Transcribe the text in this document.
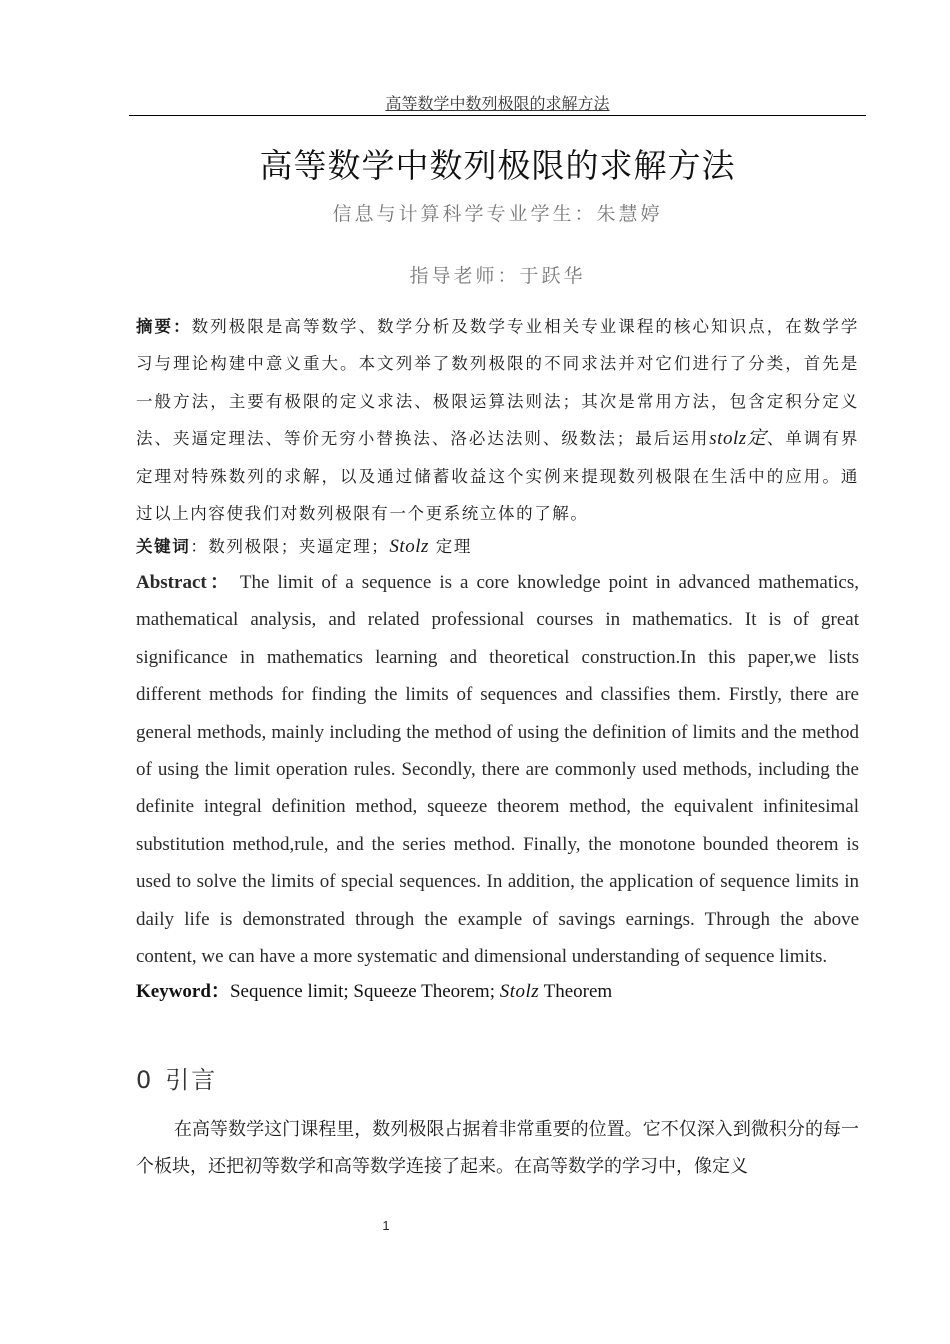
高等数学中数列极限的求解方法
高等数学中数列极限的求解方法
信息与计算科学专业学生：朱慧婷
指导老师：于跃华
摘要：数列极限是高等数学、数学分析及数学专业相关专业课程的核心知识点，在数学学习与理论构建中意义重大。本文列举了数列极限的不同求法并对它们进行了分类，首先是一般方法，主要有极限的定义求法、极限运算法则法；其次是常用方法，包含定积分定义法、夹逼定理法、等价无穷小替换法、洛必达法则、级数法；最后运用stolz定、单调有界定理对特殊数列的求解，以及通过储蓄收益这个实例来提现数列极限在生活中的应用。通过以上内容使我们对数列极限有一个更系统立体的了解。
关键词：数列极限；夹逼定理；Stolz 定理
Abstract： The limit of a sequence is a core knowledge point in advanced mathematics, mathematical analysis, and related professional courses in mathematics. It is of great significance in mathematics learning and theoretical construction.In this paper,we lists different methods for finding the limits of sequences and classifies them. Firstly, there are general methods, mainly including the method of using the definition of limits and the method of using the limit operation rules. Secondly, there are commonly used methods, including the definite integral definition method, squeeze theorem method, the equivalent infinitesimal substitution method,rule, and the series method. Finally, the monotone bounded theorem is used to solve the limits of special sequences. In addition, the application of sequence limits in daily life is demonstrated through the example of savings earnings. Through the above content, we can have a more systematic and dimensional understanding of sequence limits.
Keyword：Sequence limit; Squeeze Theorem; Stolz Theorem
0 引言
在高等数学这门课程里，数列极限占据着非常重要的位置。它不仅深入到微积分的每一个板块，还把初等数学和高等数学连接了起来。在高等数学的学习中，像定义
1
